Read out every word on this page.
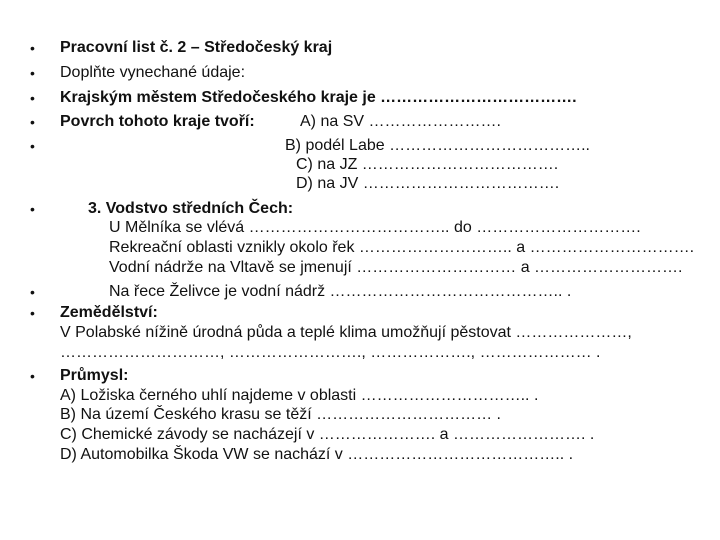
•
•
•
•
•
•
•
•
•
Pracovní list č. 2 – Středočeský kraj
Doplňte vynechané údaje:
Krajským městem Středočeského kraje je ……………………………….
Povrch tohoto kraje tvoří:	A) na SV …………………….
B) podél Labe ………………………………..
C) na JZ ……………………………….
D) na JV ……………………………….
3. Vodstvo středních Čech:
U Mělníka se vlévá ……………………………….. do ………………………….
Rekreační oblasti vznikly okolo řek ……………………….. a ………………………….
Vodní nádrže na Vltavě se jmenují ………………………… a ……………………….
Na řece Želivce je vodní nádrž …………………………………….. .
Zemědělství:
V Polabské nížině úrodná půda a teplé klima umožňují pěstovat …………………,
…………………………, ……………………., ………………., ………………… .
Průmysl:
A) Ložiska černého uhlí najdeme v oblasti ………………………….. .
B) Na území Českého krasu se těží …………………………… .
C) Chemické závody se nacházejí v …………………. a ……………………. .
D) Automobilka Škoda VW se nachází v ………………………………….. .
